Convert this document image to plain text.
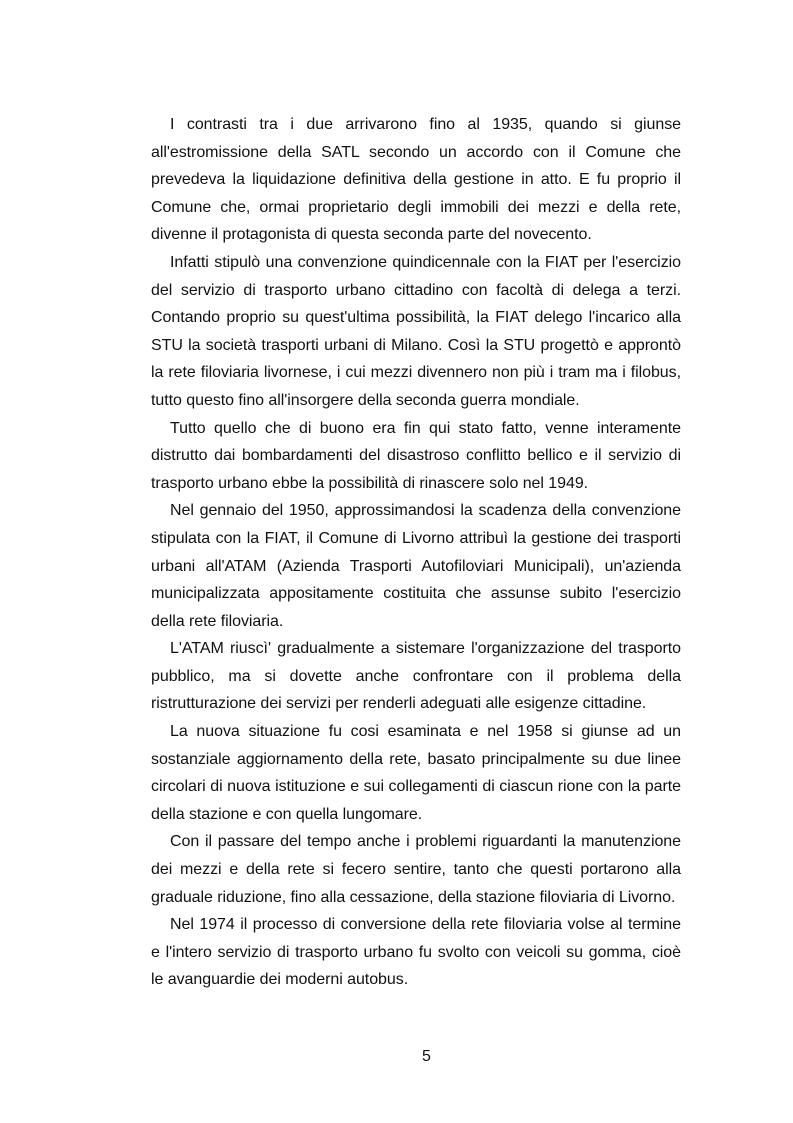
I contrasti tra i due arrivarono fino al 1935, quando si giunse all'estromissione della SATL secondo un accordo con il Comune che prevedeva la liquidazione definitiva della gestione in atto. E fu proprio il Comune che, ormai proprietario degli immobili dei mezzi e della rete, divenne il protagonista di questa seconda parte del novecento.

Infatti stipulò una convenzione quindicennale con la FIAT per l'esercizio del servizio di trasporto urbano cittadino con facoltà di delega a terzi. Contando proprio su quest'ultima possibilità, la FIAT delego l'incarico alla STU la società trasporti urbani di Milano. Così la STU progettò e approntò la rete filoviaria livornese, i cui mezzi divennero non più i tram ma i filobus, tutto questo fino all'insorgere della seconda guerra mondiale.

Tutto quello che di buono era fin qui stato fatto, venne interamente distrutto dai bombardamenti del disastroso conflitto bellico e il servizio di trasporto urbano ebbe la possibilità di rinascere solo nel 1949.

Nel gennaio del 1950, approssimandosi la scadenza della convenzione stipulata con la FIAT, il Comune di Livorno attribuì la gestione dei trasporti urbani all'ATAM (Azienda Trasporti Autofiloviari Municipali), un'azienda municipalizzata appositamente costituita che assunse subito l'esercizio della rete filoviaria.

L'ATAM riuscì' gradualmente a sistemare l'organizzazione del trasporto pubblico, ma si dovette anche confrontare con il problema della ristrutturazione dei servizi per renderli adeguati alle esigenze cittadine.

La nuova situazione fu cosi esaminata e nel 1958 si giunse ad un sostanziale aggiornamento della rete, basato principalmente su due linee circolari di nuova istituzione e sui collegamenti di ciascun rione con la parte della stazione e con quella lungomare.

Con il passare del tempo anche i problemi riguardanti la manutenzione dei mezzi e della rete si fecero sentire, tanto che questi portarono alla graduale riduzione, fino alla cessazione, della stazione filoviaria di Livorno.

Nel 1974 il processo di conversione della rete filoviaria volse al termine e l'intero servizio di trasporto urbano fu svolto con veicoli su gomma, cioè le avanguardie dei moderni autobus.

5
